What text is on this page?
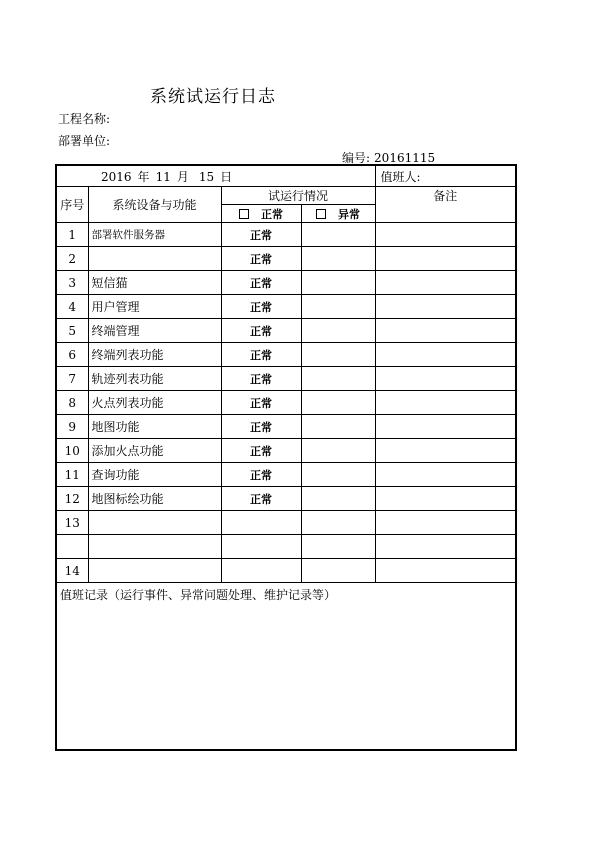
系统试运行日志
工程名称:
部署单位:
编号: 20161115
2016 年 11 月 15 日				值班人:
序号	系统设备与功能	试运行情况		备注
		正常	异常	
1	部署软件服务器	正常		
2		正常		
3	短信猫	正常		
4	用户管理	正常		
5	终端管理	正常		
6	终端列表功能	正常		
7	轨迹列表功能	正常		
8	火点列表功能	正常		
9	地图功能	正常		
10	添加火点功能	正常		
11	查询功能	正常		
12	地图标绘功能	正常		
13				

14				
值班记录（运行事件、异常问题处理、维护记录等）				
